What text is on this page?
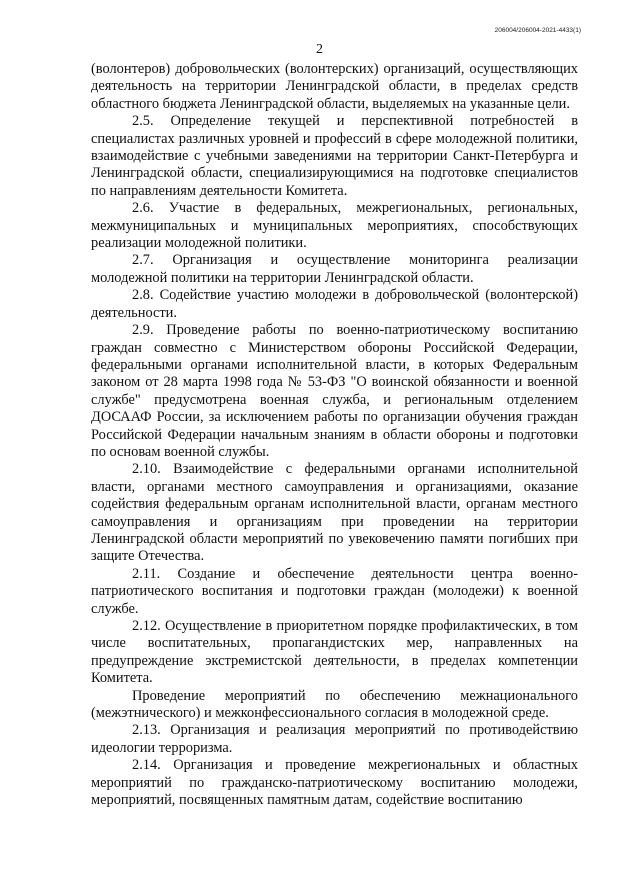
206004/206004-2021-4433(1)
2

(волонтеров) добровольческих (волонтерских) организаций, осуществляющих деятельность на территории Ленинградской области, в пределах средств областного бюджета Ленинградской области, выделяемых на указанные цели.

2.5. Определение текущей и перспективной потребностей в специалистах различных уровней и профессий в сфере молодежной политики, взаимодействие с учебными заведениями на территории Санкт-Петербурга и Ленинградской области, специализирующимися на подготовке специалистов по направлениям деятельности Комитета.

2.6. Участие в федеральных, межрегиональных, региональных, межмуниципальных и муниципальных мероприятиях, способствующих реализации молодежной политики.

2.7. Организация и осуществление мониторинга реализации молодежной политики на территории Ленинградской области.

2.8. Содействие участию молодежи в добровольческой (волонтерской) деятельности.

2.9. Проведение работы по военно-патриотическому воспитанию граждан совместно с Министерством обороны Российской Федерации, федеральными органами исполнительной власти, в которых Федеральным законом от 28 марта 1998 года № 53-ФЗ "О воинской обязанности и военной службе" предусмотрена военная служба, и региональным отделением ДОСААФ России, за исключением работы по организации обучения граждан Российской Федерации начальным знаниям в области обороны и подготовки по основам военной службы.

2.10. Взаимодействие с федеральными органами исполнительной власти, органами местного самоуправления и организациями, оказание содействия федеральным органам исполнительной власти, органам местного самоуправления и организациям при проведении на территории Ленинградской области мероприятий по увековечению памяти погибших при защите Отечества.

2.11. Создание и обеспечение деятельности центра военно-патриотического воспитания и подготовки граждан (молодежи) к военной службе.

2.12. Осуществление в приоритетном порядке профилактических, в том числе воспитательных, пропагандистских мер, направленных на предупреждение экстремистской деятельности, в пределах компетенции Комитета.

Проведение мероприятий по обеспечению межнационального (межэтнического) и межконфессионального согласия в молодежной среде.

2.13. Организация и реализация мероприятий по противодействию идеологии терроризма.

2.14. Организация и проведение межрегиональных и областных мероприятий по гражданско-патриотическому воспитанию молодежи, мероприятий, посвященных памятным датам, содействие воспитанию
